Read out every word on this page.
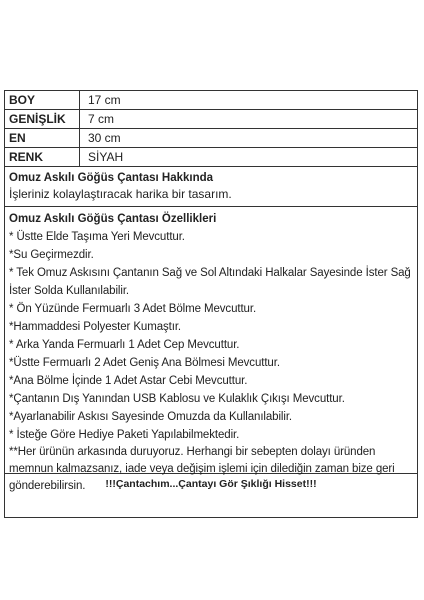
BOY	17 cm
GENİŞLİK	7 cm
EN	30 cm
RENK	SİYAH
Omuz Askılı Göğüs Çantası Hakkında
İşleriniz kolaylaştıracak harika bir tasarım.
Omuz Askılı Göğüs Çantası Özellikleri
* Üstte Elde Taşıma Yeri Mevcuttur.
*Su Geçirmezdir.
* Tek Omuz Askısını Çantanın Sağ ve Sol Altındaki Halkalar Sayesinde İster Sağ İster Solda Kullanılabilir.
* Ön Yüzünde Fermuarlı 3 Adet Bölme Mevcuttur.
*Hammaddesi Polyester Kumaştır.
* Arka Yanda Fermuarlı 1 Adet Cep Mevcuttur.
*Üstte Fermuarlı 2 Adet Geniş Ana Bölmesi Mevcuttur.
*Ana Bölme İçinde 1 Adet Astar Cebi Mevcuttur.
*Çantanın Dış Yanından USB Kablosu ve Kulaklık Çıkışı Mevcuttur.
*Ayarlanabilir Askısı Sayesinde Omuzda da Kullanılabilir.
* İsteğe Göre Hediye Paketi Yapılabilmektedir.
**Her ürünün arkasında duruyoruz. Herhangi bir sebepten dolayı üründen memnun kalmazsanız, iade veya değişim işlemi için dilediğin zaman bize geri gönderebilirsin.	!!!Çantachım...Çantayı Gör Şıklığı Hisset!!!
